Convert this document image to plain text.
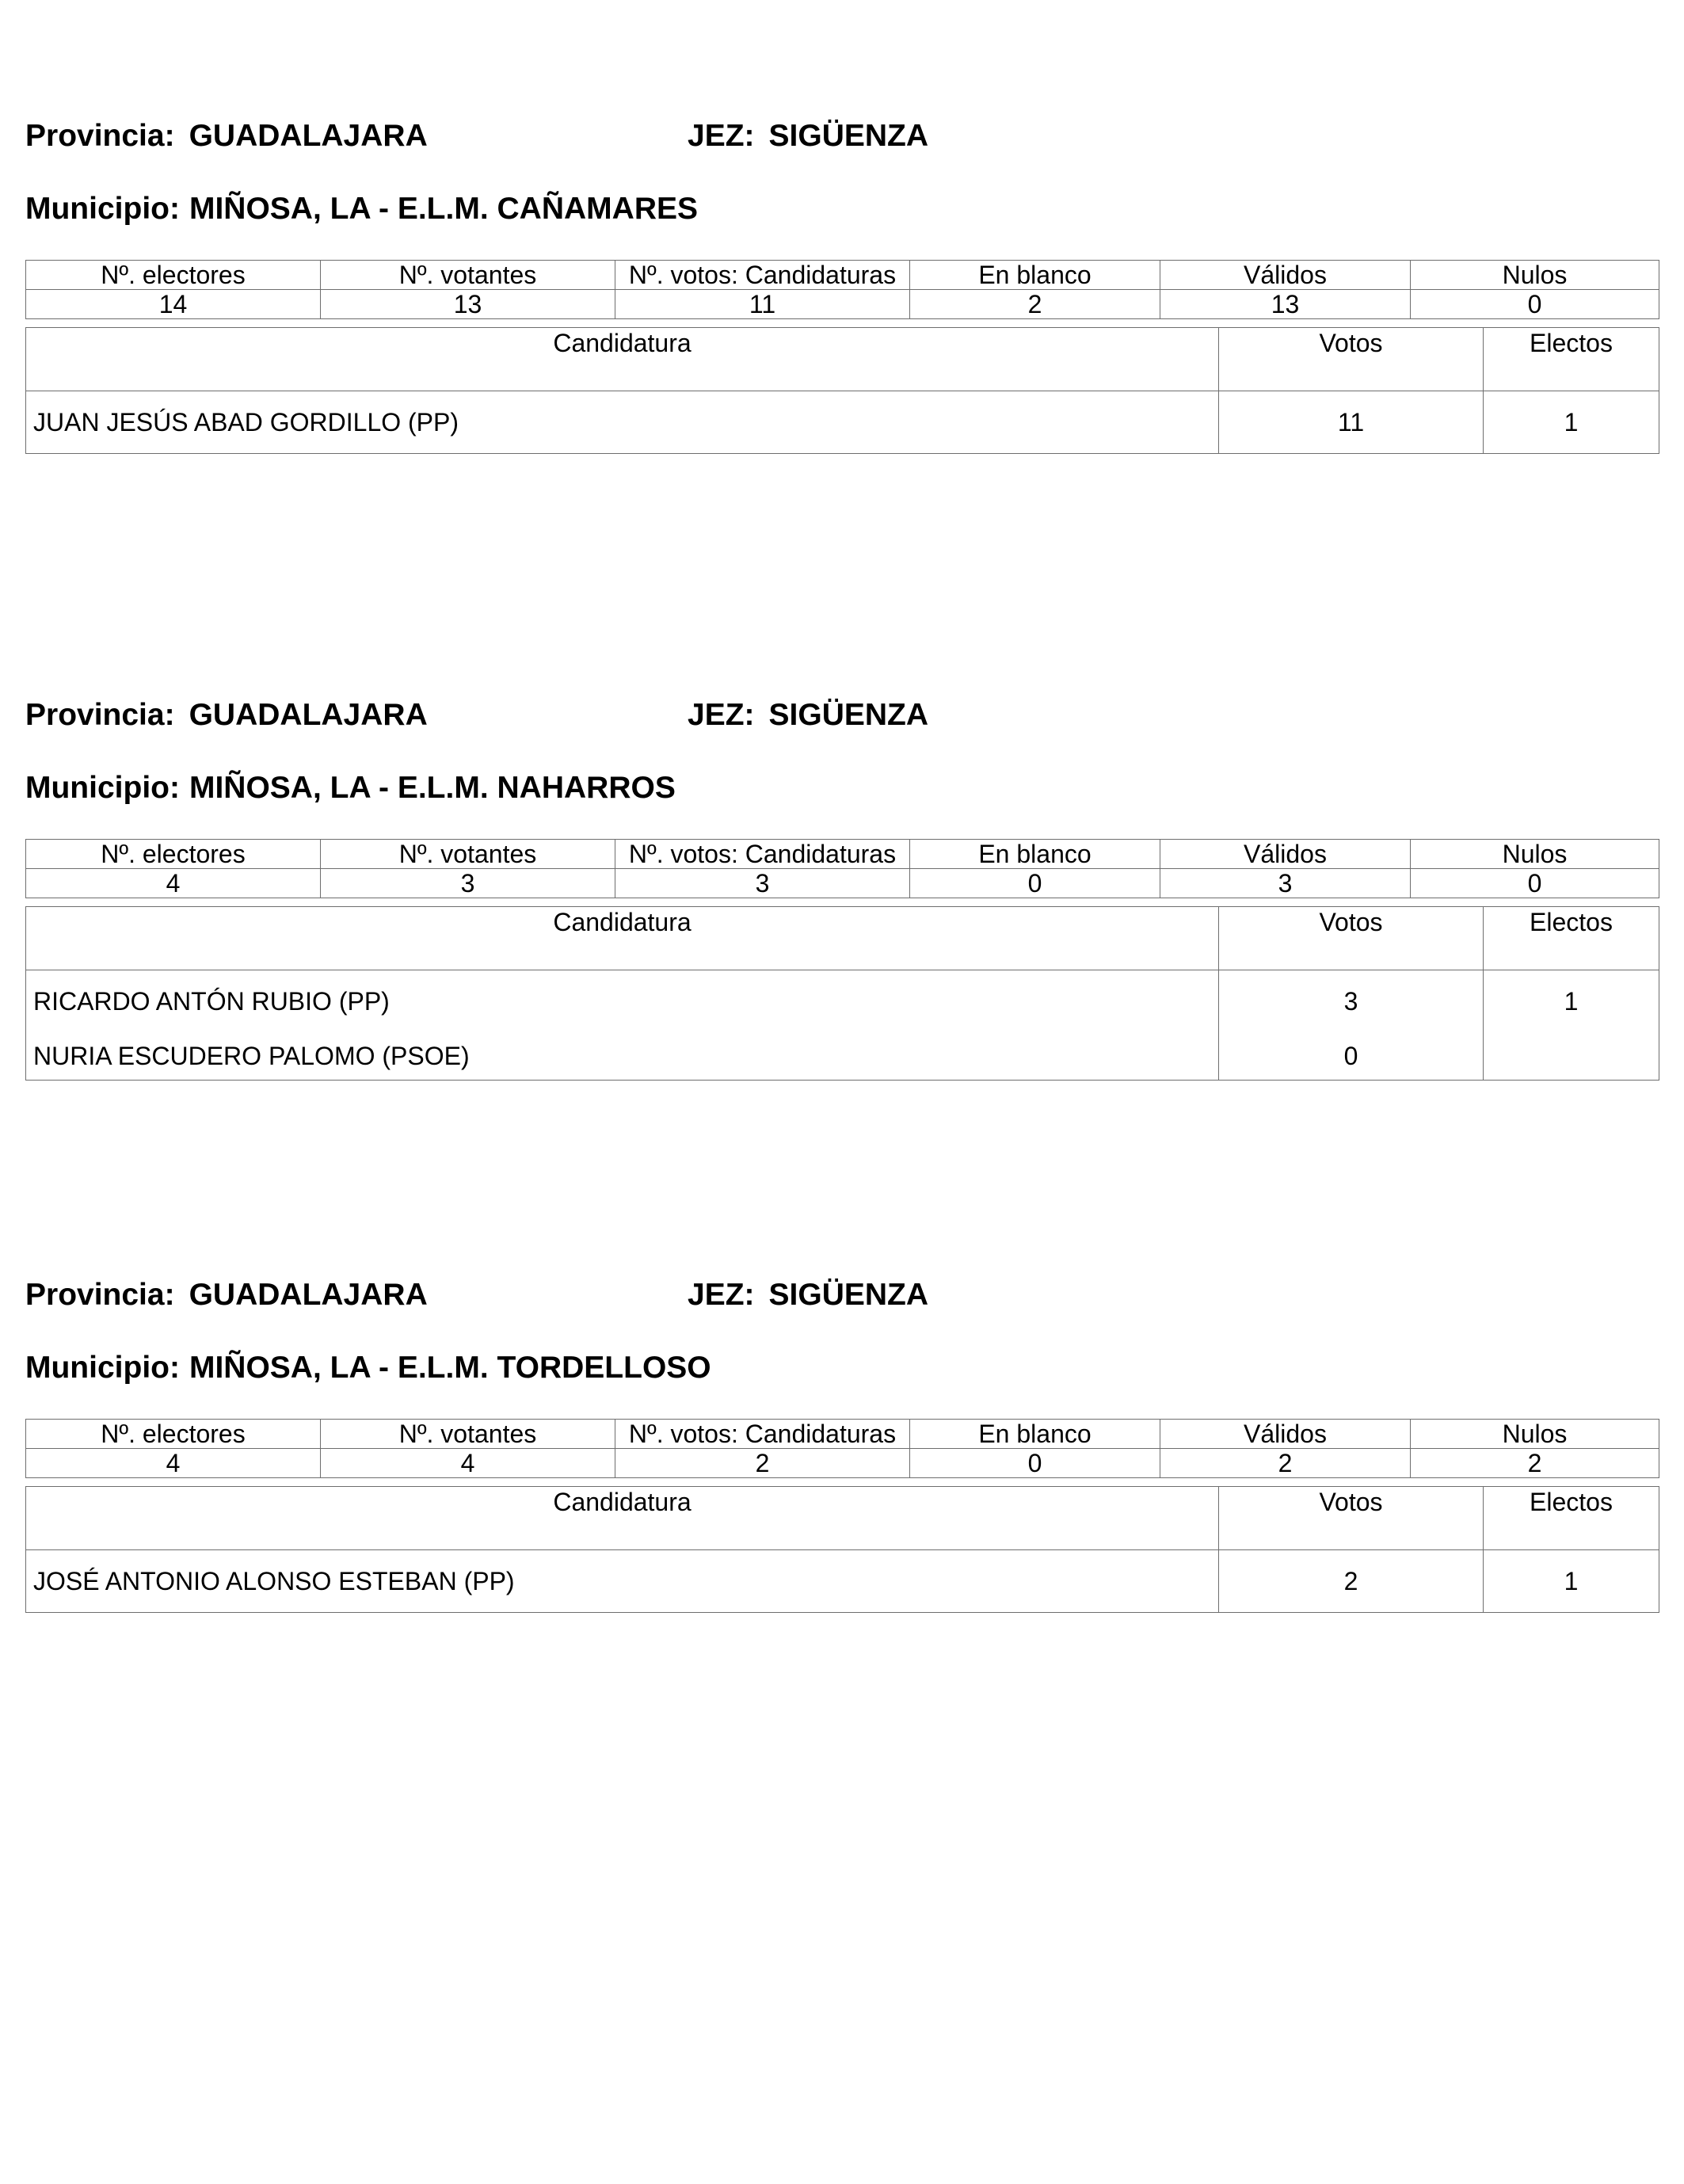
Provincia: GUADALAJARA	JEZ: SIGÜENZA
Municipio: MIÑOSA, LA - E.L.M. CAÑAMARES
Nº. electores	Nº. votantes	Nº. votos: Candidaturas	En blanco	Válidos	Nulos
14	13	11	2	13	0
Candidatura	Votos	Electos
JUAN JESÚS ABAD GORDILLO (PP)	11	1
Provincia: GUADALAJARA	JEZ: SIGÜENZA
Municipio: MIÑOSA, LA - E.L.M. NAHARROS
Nº. electores	Nº. votantes	Nº. votos: Candidaturas	En blanco	Válidos	Nulos
4	3	3	0	3	0
Candidatura	Votos	Electos
RICARDO ANTÓN RUBIO (PP)	3	1
NURIA ESCUDERO PALOMO (PSOE)	0	
Provincia: GUADALAJARA	JEZ: SIGÜENZA
Municipio: MIÑOSA, LA - E.L.M. TORDELLOSO
Nº. electores	Nº. votantes	Nº. votos: Candidaturas	En blanco	Válidos	Nulos
4	4	2	0	2	2
Candidatura	Votos	Electos
JOSÉ ANTONIO ALONSO ESTEBAN (PP)	2	1
